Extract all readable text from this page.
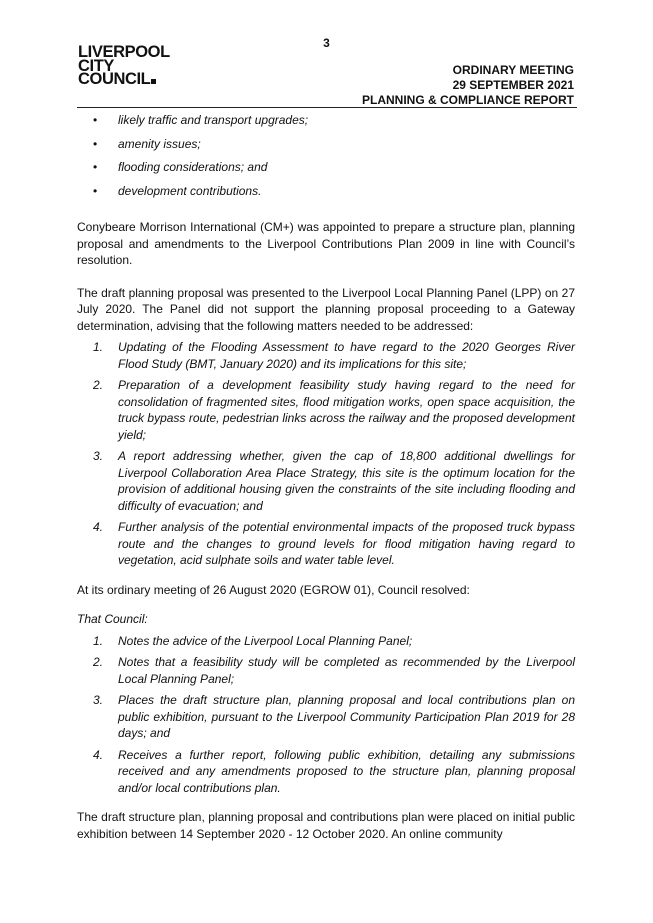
3
LIVERPOOL
CITY
COUNCIL	ORDINARY MEETING
29 SEPTEMBER 2021
PLANNING & COMPLIANCE REPORT
• likely traffic and transport upgrades;
• amenity issues;
• flooding considerations; and
• development contributions.

Conybeare Morrison International (CM+) was appointed to prepare a structure plan, planning proposal and amendments to the Liverpool Contributions Plan 2009 in line with Council’s resolution.

The draft planning proposal was presented to the Liverpool Local Planning Panel (LPP) on 27 July 2020. The Panel did not support the planning proposal proceeding to a Gateway determination, advising that the following matters needed to be addressed:

1. Updating of the Flooding Assessment to have regard to the 2020 Georges River Flood Study (BMT, January 2020) and its implications for this site;
2. Preparation of a development feasibility study having regard to the need for consolidation of fragmented sites, flood mitigation works, open space acquisition, the truck bypass route, pedestrian links across the railway and the proposed development yield;
3. A report addressing whether, given the cap of 18,800 additional dwellings for Liverpool Collaboration Area Place Strategy, this site is the optimum location for the provision of additional housing given the constraints of the site including flooding and difficulty of evacuation; and
4. Further analysis of the potential environmental impacts of the proposed truck bypass route and the changes to ground levels for flood mitigation having regard to vegetation, acid sulphate soils and water table level.

At its ordinary meeting of 26 August 2020 (EGROW 01), Council resolved:

That Council:

1. Notes the advice of the Liverpool Local Planning Panel;
2. Notes that a feasibility study will be completed as recommended by the Liverpool Local Planning Panel;
3. Places the draft structure plan, planning proposal and local contributions plan on public exhibition, pursuant to the Liverpool Community Participation Plan 2019 for 28 days; and
4. Receives a further report, following public exhibition, detailing any submissions received and any amendments proposed to the structure plan, planning proposal and/or local contributions plan.

The draft structure plan, planning proposal and contributions plan were placed on initial public exhibition between 14 September 2020 - 12 October 2020. An online community
